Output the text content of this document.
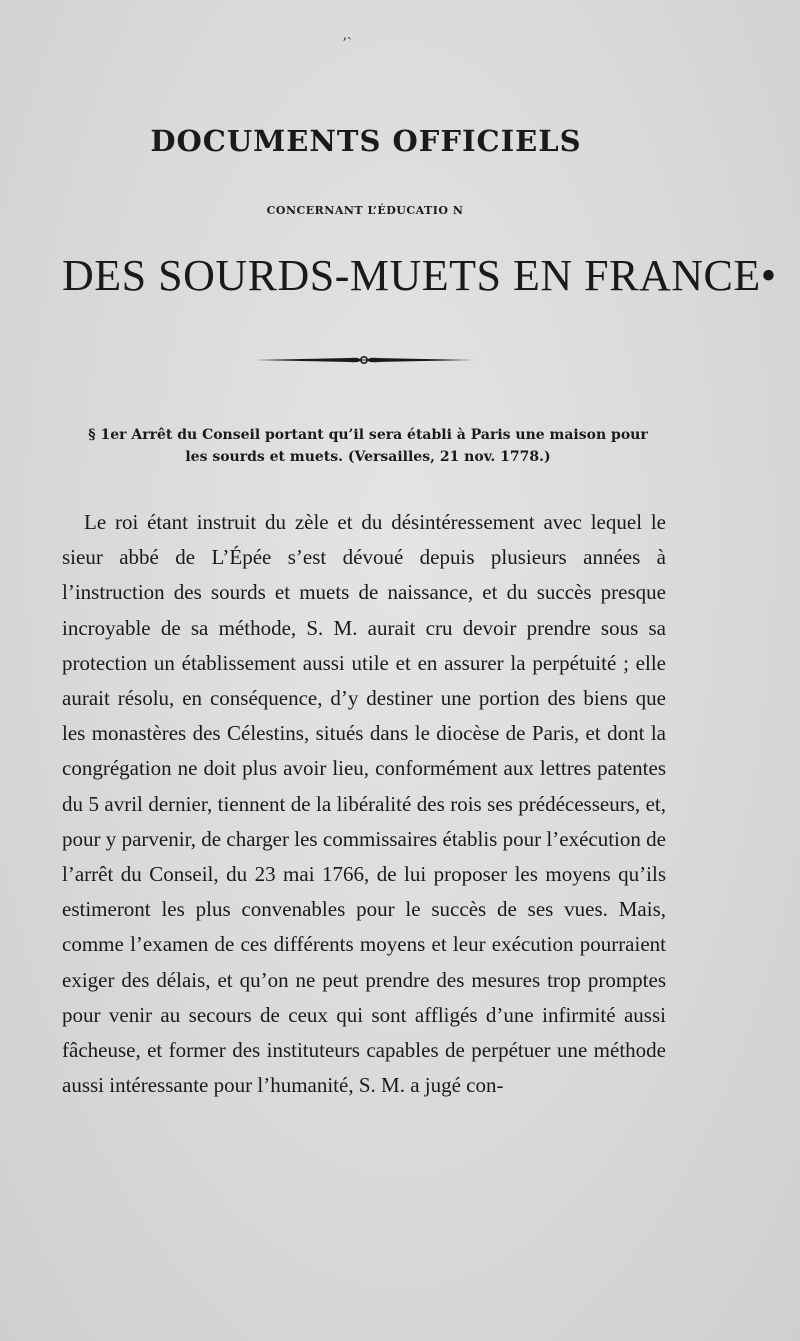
ʼ`
DOCUMENTS OFFICIELS
CONCERNANT L’ÉDUCATIO N
DES SOURDS-MUETS EN FRANCE•
§ 1er Arrêt du Conseil portant qu’il sera établi à Paris une maison pour les sourds et muets. (Versailles, 21 nov. 1778.)
Le roi étant instruit du zèle et du désintéressement avec lequel le sieur abbé de L’Épée s’est dévoué depuis plusieurs années à l’instruction des sourds et muets de naissance, et du succès presque incroyable de sa méthode, S. M. aurait cru devoir prendre sous sa protection un établissement aussi utile et en assurer la perpétuité ; elle aurait résolu, en conséquence, d’y destiner une portion des biens que les monastères des Célestins, situés dans le diocèse de Paris, et dont la congrégation ne doit plus avoir lieu, conformément aux lettres patentes du 5 avril dernier, tiennent de la libéralité des rois ses prédécesseurs, et, pour y parvenir, de charger les commissaires établis pour l’exécution de l’arrêt du Conseil, du 23 mai 1766, de lui proposer les moyens qu’ils estimeront les plus convenables pour le succès de ses vues. Mais, comme l’examen de ces différents moyens et leur exécution pourraient exiger des délais, et qu’on ne peut prendre des mesures trop promptes pour venir au secours de ceux qui sont affligés d’une infirmité aussi fâcheuse, et former des instituteurs capables de perpétuer une méthode aussi intéressante pour l’humanité, S. M. a jugé con-
